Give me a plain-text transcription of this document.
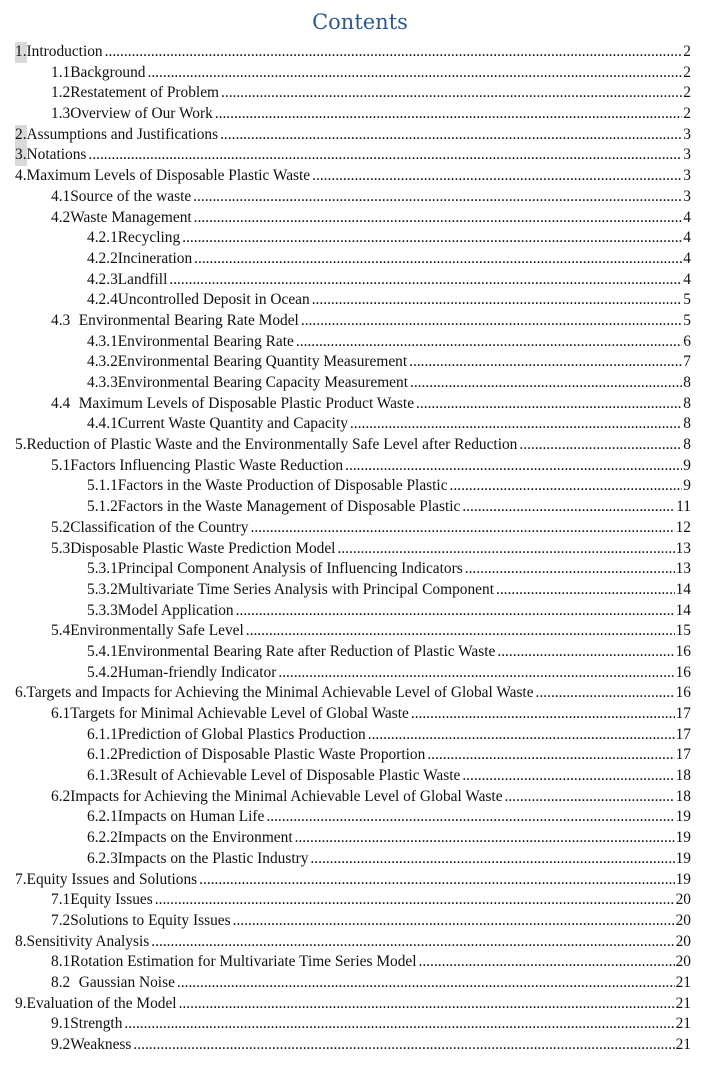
Contents
1. Introduction .....	2
1.1 Background .....	2
1.2 Restatement of Problem .....	2
1.3 Overview of Our Work .....	2
2. Assumptions and Justifications .....	3
3. Notations .....	3
4. Maximum Levels of Disposable Plastic Waste .....	3
4.1 Source of the waste .....	3
4.2 Waste Management .....	4
4.2.1 Recycling .....	4
4.2.2 Incineration .....	4
4.2.3 Landfill .....	4
4.2.4 Uncontrolled Deposit in Ocean .....	5
4.3 Environmental Bearing Rate Model .....	5
4.3.1 Environmental Bearing Rate .....	6
4.3.2 Environmental Bearing Quantity Measurement .....	7
4.3.3 Environmental Bearing Capacity Measurement .....	8
4.4 Maximum Levels of Disposable Plastic Product Waste .....	8
4.4.1 Current Waste Quantity and Capacity .....	8
5. Reduction of Plastic Waste and the Environmentally Safe Level after Reduction .....	8
5.1 Factors Influencing Plastic Waste Reduction .....	9
5.1.1 Factors in the Waste Production of Disposable Plastic .....	9
5.1.2 Factors in the Waste Management of Disposable Plastic .....	11
5.2 Classification of the Country .....	12
5.3 Disposable Plastic Waste Prediction Model .....	13
5.3.1 Principal Component Analysis of Influencing Indicators .....	13
5.3.2 Multivariate Time Series Analysis with Principal Component .....	14
5.3.3 Model Application .....	14
5.4 Environmentally Safe Level .....	15
5.4.1 Environmental Bearing Rate after Reduction of Plastic Waste .....	16
5.4.2 Human-friendly Indicator .....	16
6. Targets and Impacts for Achieving the Minimal Achievable Level of Global Waste .....	16
6.1 Targets for Minimal Achievable Level of Global Waste .....	17
6.1.1 Prediction of Global Plastics Production .....	17
6.1.2 Prediction of Disposable Plastic Waste Proportion .....	17
6.1.3 Result of Achievable Level of Disposable Plastic Waste .....	18
6.2 Impacts for Achieving the Minimal Achievable Level of Global Waste .....	18
6.2.1 Impacts on Human Life .....	19
6.2.2 Impacts on the Environment .....	19
6.2.3 Impacts on the Plastic Industry .....	19
7. Equity Issues and Solutions .....	19
7.1 Equity Issues .....	20
7.2 Solutions to Equity Issues .....	20
8. Sensitivity Analysis .....	20
8.1 Rotation Estimation for Multivariate Time Series Model .....	20
8.2 Gaussian Noise .....	21
9. Evaluation of the Model .....	21
9.1 Strength .....	21
9.2 Weakness .....	21
